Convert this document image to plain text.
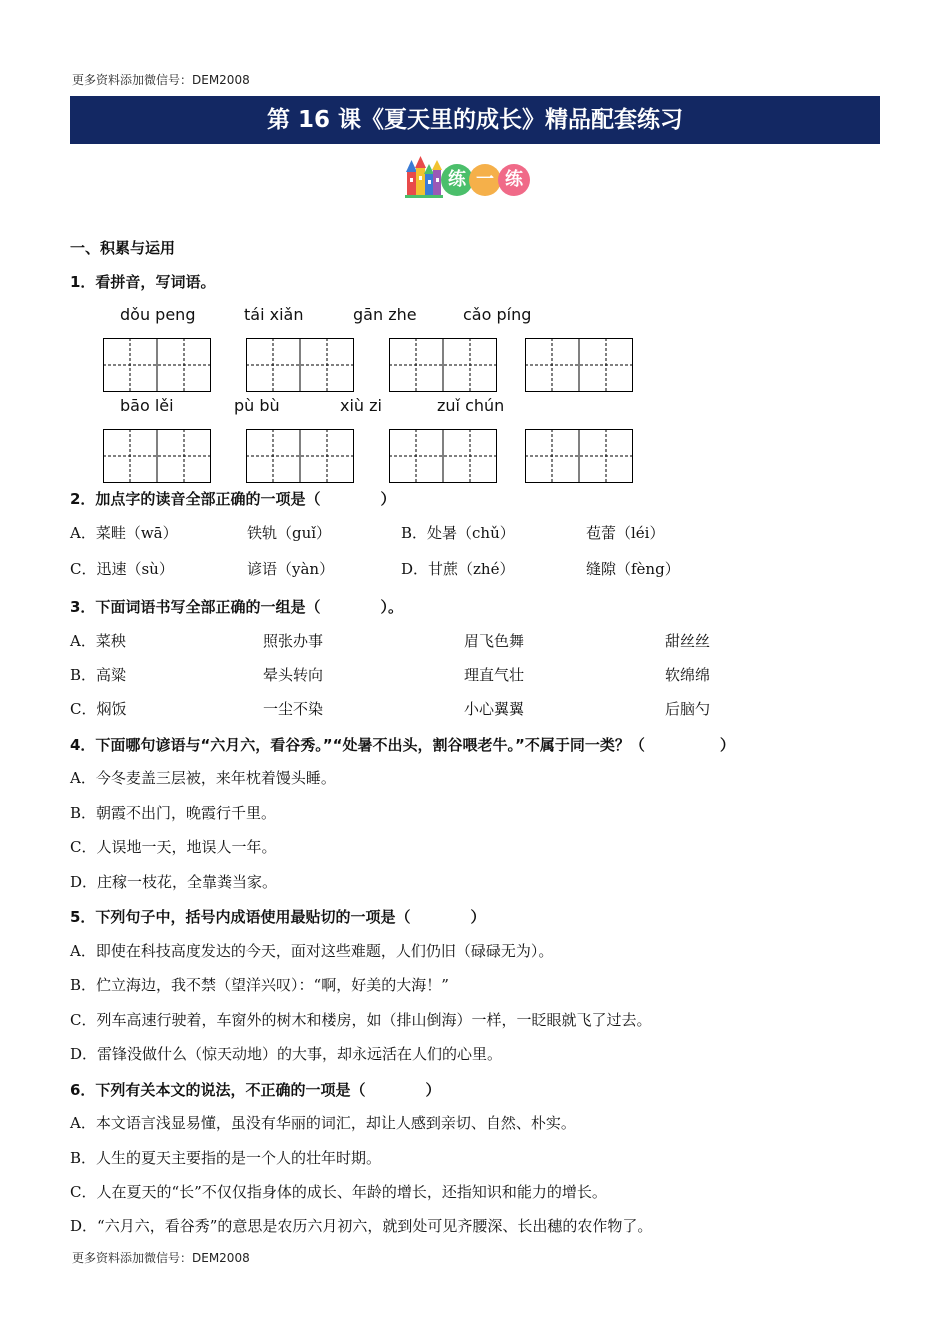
更多资料添加微信号：DEM2008
第 16 课《夏天里的成长》精品配套练习
练 一 练
一、积累与运用
1．看拼音，写词语。
dǒu peng	tái xiǎn	gān zhe	cǎo píng
bāo lěi	pù bù	xiù zi	zuǐ chún
2．加点字的读音全部正确的一项是（　　　　）
A．菜畦（wā）	铁轨（guǐ）	B．处暑（chǔ）	苞蕾（léi）
C．迅速（sù）	谚语（yàn）	D．甘蔗（zhé）	缝隙（fèng）
3．下面词语书写全部正确的一组是（　　　　）。
A．菜秧	照张办事	眉飞色舞	甜丝丝
B．高粱	晕头转向	理直气壮	软绵绵
C．焖饭	一尘不染	小心翼翼	后脑勺
4．下面哪句谚语与“六月六，看谷秀。”“处暑不出头，割谷喂老牛。”不属于同一类？（　　　　　）
A．今冬麦盖三层被，来年枕着馒头睡。
B．朝霞不出门，晚霞行千里。
C．人误地一天，地误人一年。
D．庄稼一枝花，全靠粪当家。
5．下列句子中，括号内成语使用最贴切的一项是（　　　　）
A．即使在科技高度发达的今天，面对这些难题，人们仍旧（碌碌无为）。
B．伫立海边，我不禁（望洋兴叹）：“啊，好美的大海！”
C．列车高速行驶着，车窗外的树木和楼房，如（排山倒海）一样，一眨眼就飞了过去。
D．雷锋没做什么（惊天动地）的大事，却永远活在人们的心里。
6．下列有关本文的说法，不正确的一项是（　　　　）
A．本文语言浅显易懂，虽没有华丽的词汇，却让人感到亲切、自然、朴实。
B．人生的夏天主要指的是一个人的壮年时期。
C．人在夏天的“长”不仅仅指身体的成长、年龄的增长，还指知识和能力的增长。
D．“六月六，看谷秀”的意思是农历六月初六，就到处可见齐腰深、长出穗的农作物了。
更多资料添加微信号：DEM2008
